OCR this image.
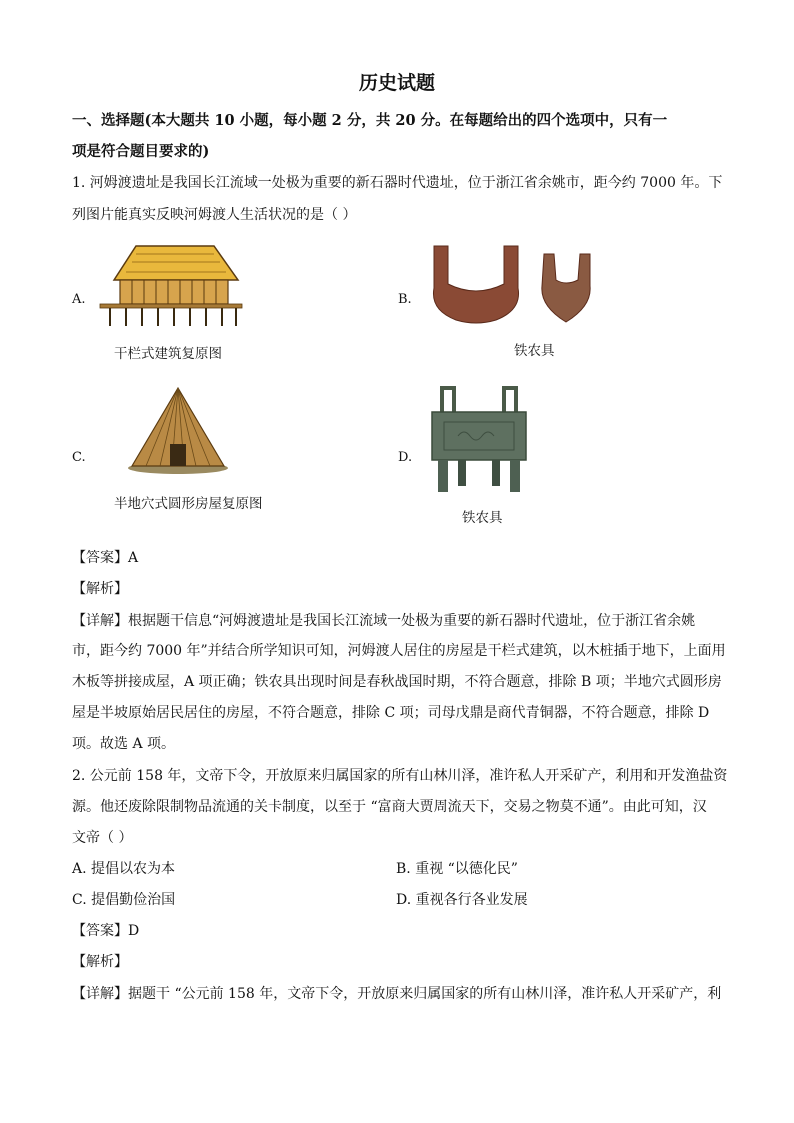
历史试题
一、选择题(本大题共 10 小题，每小题 2 分，共 20 分。在每题给出的四个选项中，只有一
项是符合题目要求的)
1. 河姆渡遗址是我国长江流域一处极为重要的新石器时代遗址，位于浙江省余姚市，距今约 7000 年。下
列图片能真实反映河姆渡人生活状况的是（ ）
A.
干栏式建筑复原图
B.
铁农具
C.
半地穴式圆形房屋复原图
D.
铁农具
【答案】A
【解析】
【详解】根据题干信息“河姆渡遗址是我国长江流域一处极为重要的新石器时代遗址，位于浙江省余姚
市，距今约 7000 年”并结合所学知识可知，河姆渡人居住的房屋是干栏式建筑，以木桩插于地下，上面用
木板等拼接成屋，A 项正确；铁农具出现时间是春秋战国时期，不符合题意，排除 B 项；半地穴式圆形房
屋是半坡原始居民居住的房屋，不符合题意，排除 C 项；司母戊鼎是商代青铜器，不符合题意，排除 D
项。故选 A 项。
2. 公元前 158 年，文帝下令，开放原来归属国家的所有山林川泽，准许私人开采矿产，利用和开发渔盐资
源。他还废除限制物品流通的关卡制度，以至于 “富商大贾周流天下，交易之物莫不通”。由此可知，汉
文帝（ ）
A. 提倡以农为本	B. 重视 “以德化民”
C. 提倡勤俭治国	D. 重视各行各业发展
【答案】D
【解析】
【详解】据题干 “公元前 158 年，文帝下令，开放原来归属国家的所有山林川泽，准许私人开采矿产，利
